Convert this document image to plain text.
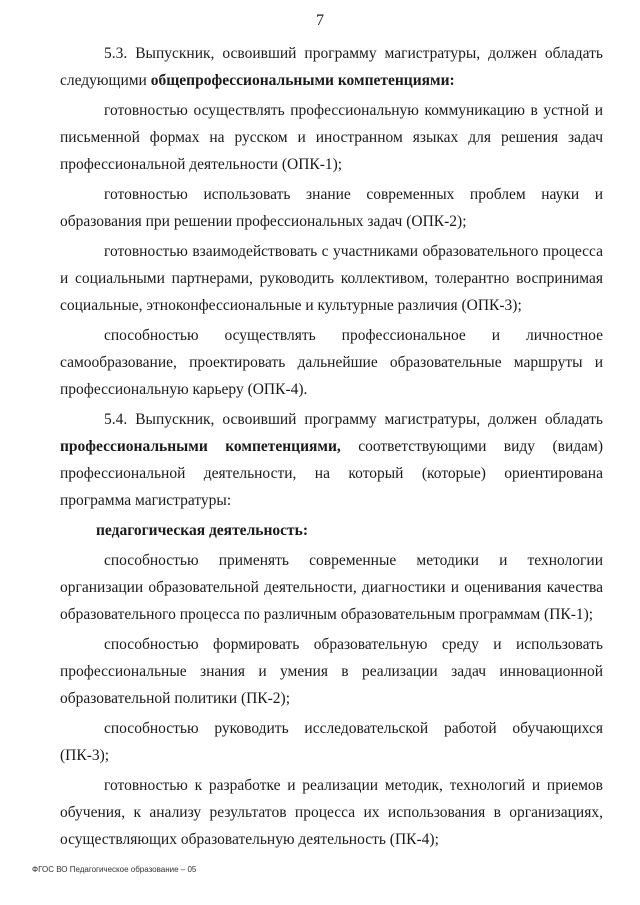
7

5.3. Выпускник, освоивший программу магистратуры, должен обладать следующими общепрофессиональными компетенциями:

готовностью осуществлять профессиональную коммуникацию в устной и письменной формах на русском и иностранном языках для решения задач профессиональной деятельности (ОПК-1);

готовностью использовать знание современных проблем науки и образования при решении профессиональных задач (ОПК-2);

готовностью взаимодействовать с участниками образовательного процесса и социальными партнерами, руководить коллективом, толерантно воспринимая социальные, этноконфессиональные и культурные различия (ОПК-3);

способностью осуществлять профессиональное и личностное самообразование, проектировать дальнейшие образовательные маршруты и профессиональную карьеру (ОПК-4).

5.4. Выпускник, освоивший программу магистратуры, должен обладать профессиональными компетенциями, соответствующими виду (видам) профессиональной деятельности, на который (которые) ориентирована программа магистратуры:

педагогическая деятельность:

способностью применять современные методики и технологии организации образовательной деятельности, диагностики и оценивания качества образовательного процесса по различным образовательным программам (ПК-1);

способностью формировать образовательную среду и использовать профессиональные знания и умения в реализации задач инновационной образовательной политики (ПК-2);

способностью руководить исследовательской работой обучающихся (ПК-3);

готовностью к разработке и реализации методик, технологий и приемов обучения, к анализу результатов процесса их использования в организациях, осуществляющих образовательную деятельность (ПК-4);

ФГОС ВО Педагогическое образование – 05
